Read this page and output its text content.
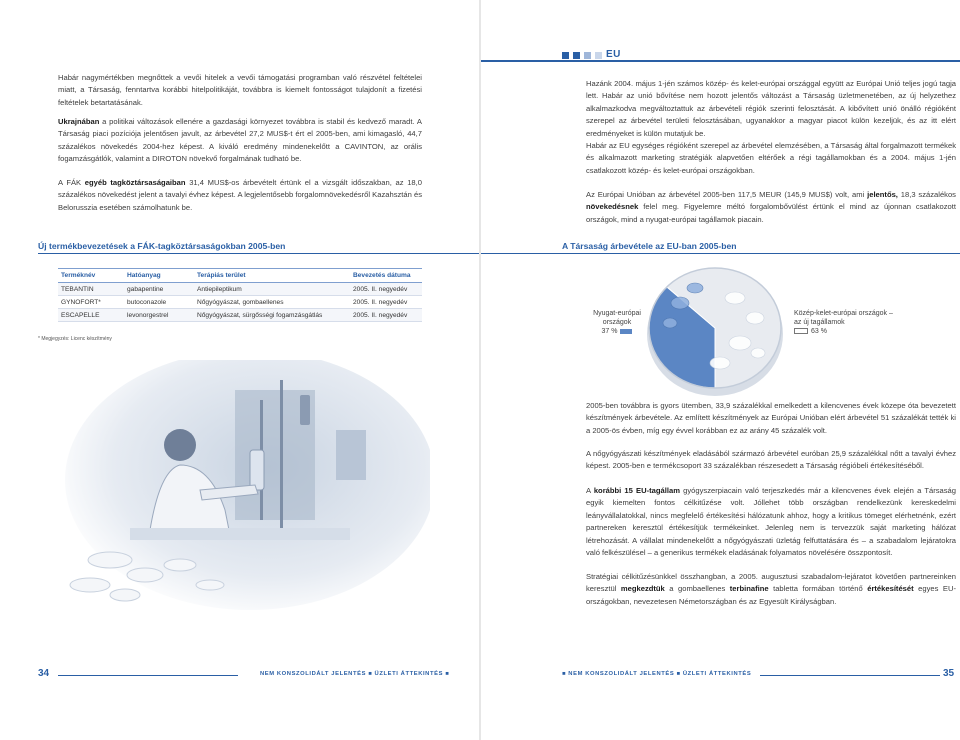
Habár nagymértékben megnőttek a vevői hitelek a vevői támogatási programban való részvétel feltételei miatt, a Társaság, fenntartva korábbi hitelpolitikáját, továbbra is kiemelt fontosságot tulajdonít a fizetési feltételek betartatásának.

Ukrajnában a politikai változások ellenére a gazdasági környezet továbbra is stabil és kedvező maradt. A Társaság piaci pozíciója jelentősen javult, az árbevétel 27,2 MUS$-t ért el 2005-ben, ami kimagasló, 44,7 százalékos növekedés 2004-hez képest. A kiváló eredmény mindenekelőtt a CAVINTON, az orális fogamzásgátlók, valamint a DIROTON növekvő forgalmának tudható be.

A FÁK egyéb tagköztársaságaiban 31,4 MUS$-os árbevételt értünk el a vizsgált időszakban, az 18,0 százalékos növekedést jelent a tavalyi évhez képest. A legjelentősebb forgalomnövekedésről Kazahsztán és Belorusszia esetében számolhatunk be.

Új termékbevezetések a FÁK-tagköztársaságokban 2005-ben
Terméknév	Hatóanyag	Terápiás terület	Bevezetés dátuma
TEBANTIN	gabapentine	Antiepileptikum	2005. II. negyedév
GYNOFORT*	butoconazole	Nőgyógyászat, gombaellenes	2005. II. negyedév
ESCAPELLE	levonorgestrel	Nőgyógyászat, sürgősségi fogamzásgátlás	2005. II. negyedév
* Megjegyzés: Licenc készítmény
34	NEM KONSZOLIDÁLT JELENTÉS ■ ÜZLETI ÁTTEKINTÉS ■
EU

Hazánk 2004. május 1-jén számos közép- és kelet-európai országgal együtt az Európai Unió teljes jogú tagja lett. Habár az unió bővítése nem hozott jelentős változást a Társaság üzletmenetében, az új helyzethez alkalmazkodva megváltoztattuk az árbevételi régiók szerinti felosztását. A kibővített unió önálló régióként szerepel az árbevétel területi felosztásában, ugyanakkor a magyar piacot külön kezeljük, és az itt elért eredményeket is külön mutatjuk be.

Habár az EU egységes régióként szerepel az árbevétel elemzésében, a Társaság által forgalmazott termékek és alkalmazott marketing stratégiák alapvetően eltérőek a régi tagállamokban és a 2004. május 1-jén csatlakozott közép- és kelet-európai országokban.

Az Európai Unióban az árbevétel 2005-ben 117,5 MEUR (145,9 MUS$) volt, ami jelentős, 18,3 százalékos növekedésnek felel meg. Figyelemre méltó forgalombővülést értünk el mind az újonnan csatlakozott országok, mind a nyugat-európai tagállamok piacain.

A Társaság árbevétele az EU-ban 2005-ben
Nyugat-európai
országok
37 %
Közép-kelet-európai országok –
az új tagállamok
63 %

2005-ben továbbra is gyors ütemben, 33,9 százalékkal emelkedett a kilencvenes évek közepe óta bevezetett készítmények árbevétele. Az említett készítmények az Európai Unióban elért árbevétel 51 százalékát tették ki a 2005-ös évben, míg egy évvel korábban ez az arány 45 százalék volt.

A nőgyógyászati készítmények eladásából származó árbevétel euróban 25,9 százalékkal nőtt a tavalyi évhez képest. 2005-ben e termékcsoport 33 százalékban részesedett a Társaság régióbeli értékesítéséből.

A korábbi 15 EU-tagállam gyógyszerpiacain való terjeszkedés már a kilencvenes évek elején a Társaság egyik kiemelten fontos célkitűzése volt. Jóllehet több országban rendelkezünk kereskedelmi leányvállalatokkal, nincs megfelelő értékesítési hálózatunk ahhoz, hogy a kritikus tömeget elérhetnénk, ezért partnereken keresztül értékesítjük termékeinket. Jelenleg nem is tervezzük saját marketing hálózat létrehozását. A vállalat mindenekelőtt a nőgyógyászati üzletág felfuttatására és – a szabadalom lejáratokra való felkészülésel – a generikus termékek eladásának folyamatos növelésére összpontosít.

Stratégiai célkitűzésünkkel összhangban, a 2005. augusztusi szabadalom-lejáratot követően partnereinken keresztül megkezdtük a gombaellenes terbinafine tabletta formában történő értékesítését egyes EU-országokban, nevezetesen Németországban és az Egyesült Királyságban.

■ NEM KONSZOLIDÁLT JELENTÉS ■ ÜZLETI ÁTTEKINTÉS	35
